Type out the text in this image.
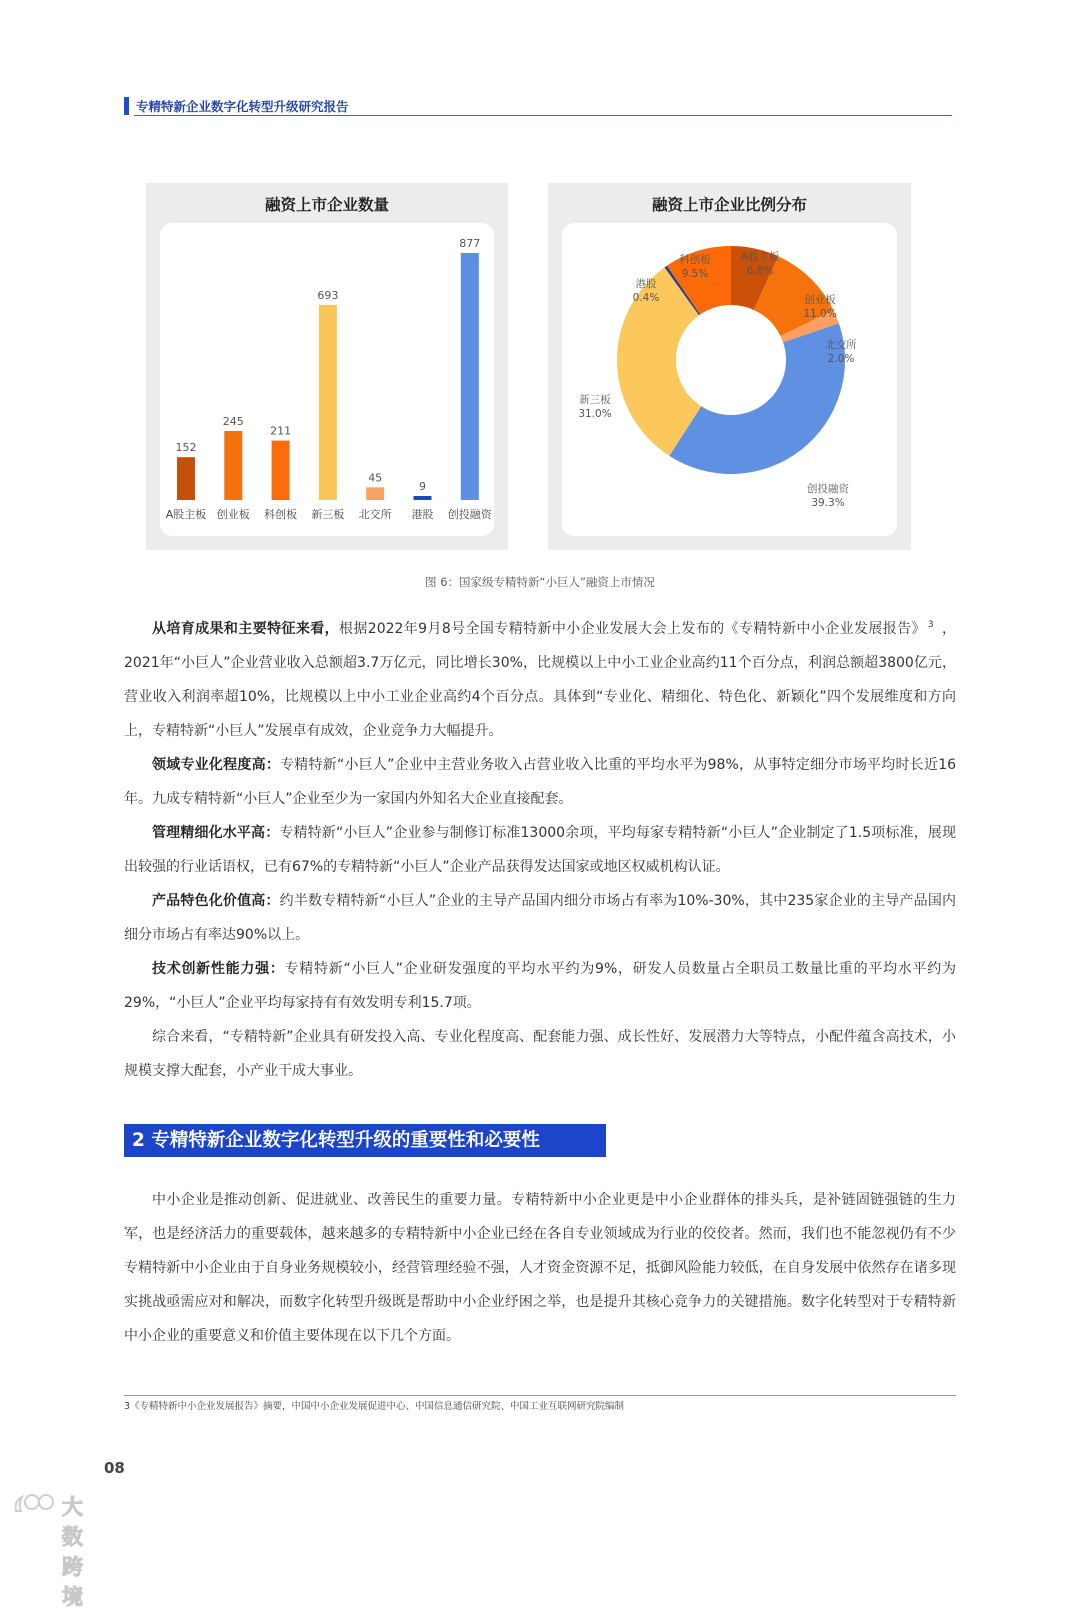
专精特新企业数字化转型升级研究报告
融资上市企业数量
152
A股主板
245
创业板
211
科创板
693
新三板
45
北交所
9
港股
877
创投融资
融资上市企业比例分布
A股主板
6.8%
创业板
11.0%
北交所
2.0%
创投融资
39.3%
新三板
31.0%
港股
0.4%
科创板
9.5%
图 6：国家级专精特新“小巨人”融资上市情况

从培育成果和主要特征来看，根据2022年9月8号全国专精特新中小企业发展大会上发布的《专精特新中小企业发展报告》 $^3$ ，2021年“小巨人”企业营业收入总额超3.7万亿元，同比增长30%，比规模以上中小工业企业高约11个百分点，利润总额超3800亿元，营业收入利润率超10%，比规模以上中小工业企业高约4个百分点。具体到“专业化、精细化、特色化、新颖化”四个发展维度和方向上，专精特新“小巨人”发展卓有成效，企业竞争力大幅提升。

领域专业化程度高：专精特新“小巨人”企业中主营业务收入占营业收入比重的平均水平为98%，从事特定细分市场平均时长近16年。九成专精特新“小巨人”企业至少为一家国内外知名大企业直接配套。

管理精细化水平高：专精特新“小巨人”企业参与制修订标准13000余项，平均每家专精特新“小巨人”企业制定了1.5项标准，展现出较强的行业话语权，已有67%的专精特新“小巨人”企业产品获得发达国家或地区权威机构认证。

产品特色化价值高：约半数专精特新“小巨人”企业的主导产品国内细分市场占有率为10%-30%，其中235家企业的主导产品国内细分市场占有率达90%以上。

技术创新性能力强：专精特新“小巨人”企业研发强度的平均水平约为9%，研发人员数量占全职员工数量比重的平均水平约为29%，“小巨人”企业平均每家持有有效发明专利15.7项。

综合来看，“专精特新”企业具有研发投入高、专业化程度高、配套能力强、成长性好、发展潜力大等特点，小配件蕴含高技术，小规模支撑大配套，小产业干成大事业。

2 专精特新企业数字化转型升级的重要性和必要性

中小企业是推动创新、促进就业、改善民生的重要力量。专精特新中小企业更是中小企业群体的排头兵，是补链固链强链的生力军，也是经济活力的重要载体，越来越多的专精特新中小企业已经在各自专业领域成为行业的佼佼者。然而，我们也不能忽视仍有不少专精特新中小企业由于自身业务规模较小，经营管理经验不强，人才资金资源不足，抵御风险能力较低，在自身发展中依然存在诸多现实挑战亟需应对和解决，而数字化转型升级既是帮助中小企业纾困之举，也是提升其核心竞争力的关键措施。数字化转型对于专精特新中小企业的重要意义和价值主要体现在以下几个方面。

3《专精特新中小企业发展报告》摘要，中国中小企业发展促进中心、中国信息通信研究院、中国工业互联网研究院编制
08
大数跨境
